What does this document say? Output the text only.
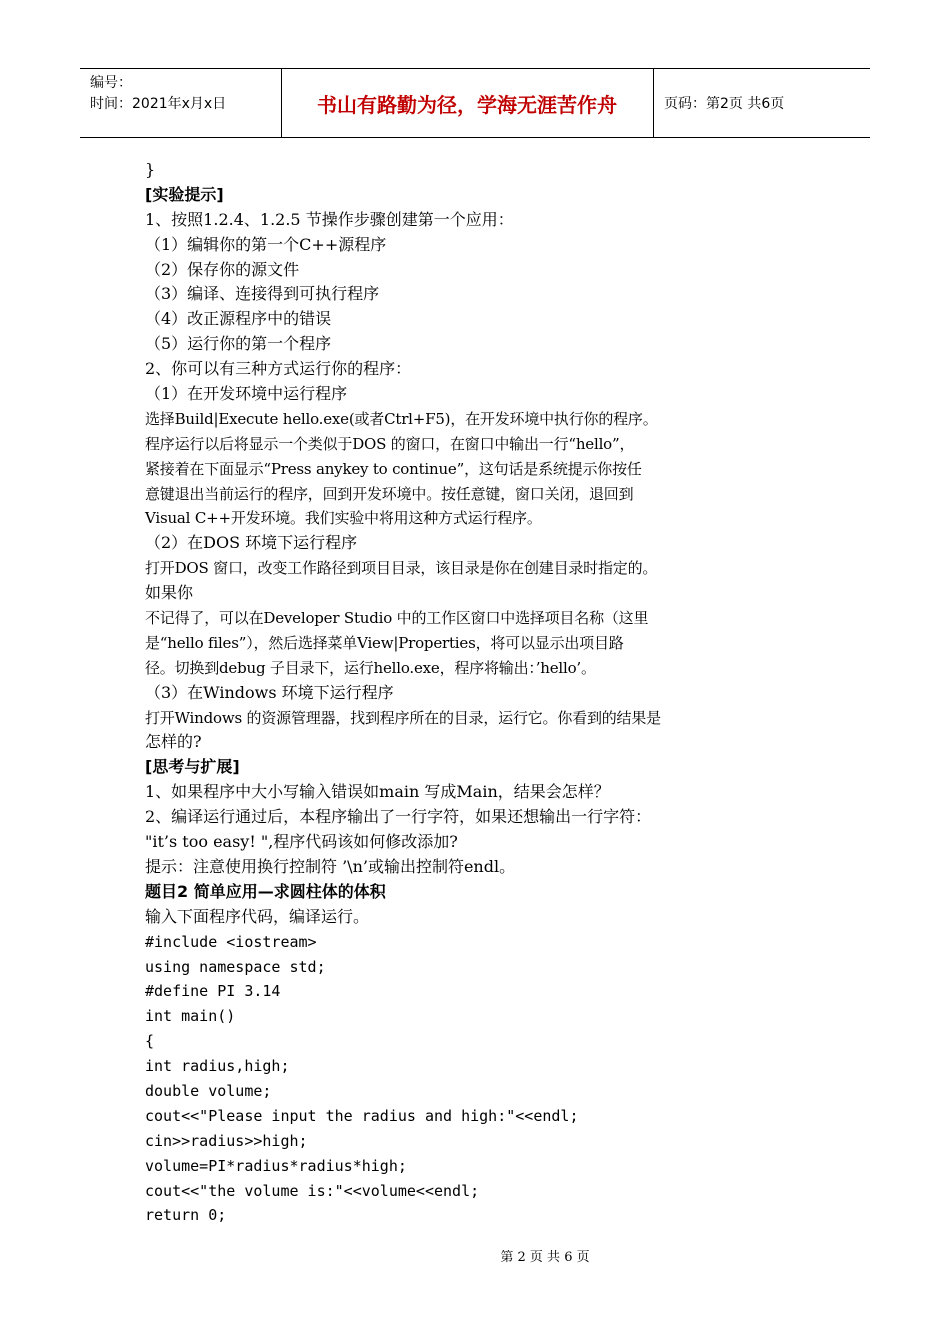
编号：
时间：2021年x月x日	书山有路勤为径，学海无涯苦作舟	页码：第2页 共6页
}
[实验提示]
1、按照1.2.4、1.2.5 节操作步骤创建第一个应用：
（1）编辑你的第一个C++源程序
（2）保存你的源文件
（3）编译、连接得到可执行程序
（4）改正源程序中的错误
（5）运行你的第一个程序
2、你可以有三种方式运行你的程序：
（1）在开发环境中运行程序
选择Build|Execute hello.exe(或者Ctrl+F5)，在开发环境中执行你的程序。
程序运行以后将显示一个类似于DOS 的窗口，在窗口中输出一行“hello”，
紧接着在下面显示“Press anykey to continue”，这句话是系统提示你按任
意键退出当前运行的程序，回到开发环境中。按任意键，窗口关闭，退回到
Visual C++开发环境。我们实验中将用这种方式运行程序。
（2）在DOS 环境下运行程序
打开DOS 窗口，改变工作路径到项目目录，该目录是你在创建目录时指定的。
如果你
不记得了，可以在Developer Studio 中的工作区窗口中选择项目名称（这里
是“hello files”），然后选择菜单View|Properties，将可以显示出项目路
径。切换到debug 子目录下，运行hello.exe，程序将输出：’hello’。
（3）在Windows 环境下运行程序
打开Windows 的资源管理器，找到程序所在的目录，运行它。你看到的结果是
怎样的?
[思考与扩展]
1、如果程序中大小写输入错误如main 写成Main，结果会怎样？
2、编译运行通过后，本程序输出了一行字符，如果还想输出一行字符：
"it’s too easy! ",程序代码该如何修改添加?
提示：注意使用换行控制符 ’\n’或输出控制符endl。
题目2 简单应用—求圆柱体的体积
输入下面程序代码，编译运行。
#include <iostream>
using namespace std;
#define PI 3.14
int main()
{
int radius,high;
double volume;
cout<<"Please input the radius and high:"<<endl;
cin>>radius>>high;
volume=PI*radius*radius*high;
cout<<"the volume is:"<<volume<<endl;
return 0;
第 2 页 共 6 页
